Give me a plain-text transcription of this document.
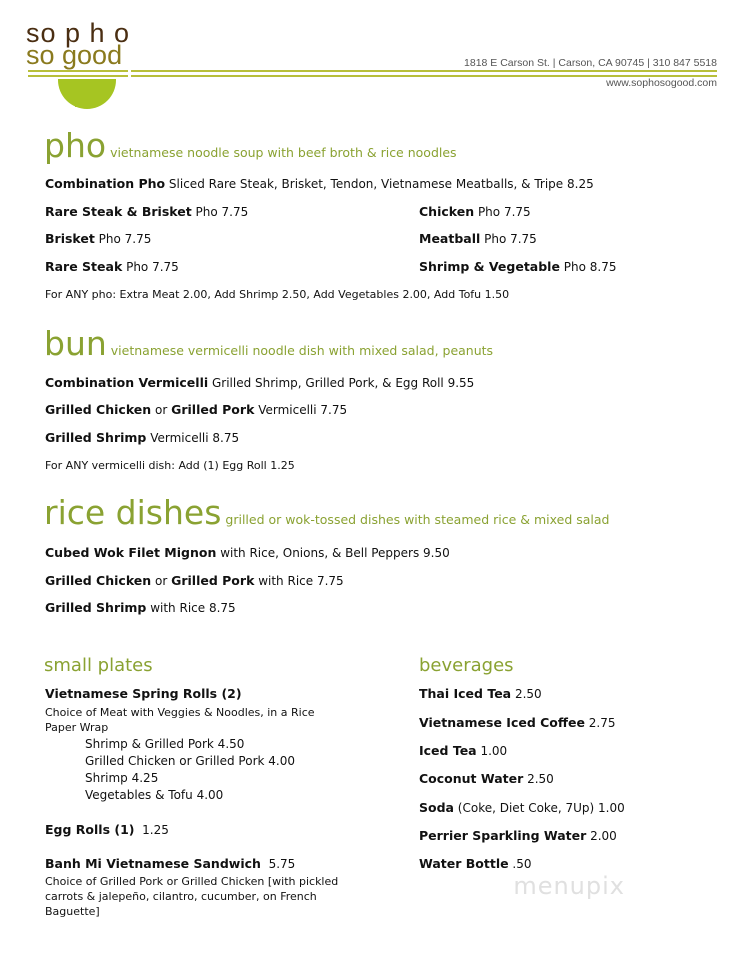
so p h o
so good	1818 E Carson St. | Carson, CA 90745 | 310 847 5518
www.sophosogood.com
pho vietnamese noodle soup with beef broth & rice noodles
Combination Pho Sliced Rare Steak, Brisket, Tendon, Vietnamese Meatballs, & Tripe 8.25
Rare Steak & Brisket Pho 7.75
Brisket Pho 7.75
Rare Steak Pho 7.75
Chicken Pho 7.75
Meatball Pho 7.75
Shrimp & Vegetable Pho 8.75
For ANY pho: Extra Meat 2.00, Add Shrimp 2.50, Add Vegetables 2.00, Add Tofu 1.50
bun vietnamese vermicelli noodle dish with mixed salad, peanuts
Combination Vermicelli Grilled Shrimp, Grilled Pork, & Egg Roll 9.55
Grilled Chicken or Grilled Pork Vermicelli 7.75
Grilled Shrimp Vermicelli 8.75
For ANY vermicelli dish: Add (1) Egg Roll 1.25
rice dishes grilled or wok-tossed dishes with steamed rice & mixed salad
Cubed Wok Filet Mignon with Rice, Onions, & Bell Peppers 9.50
Grilled Chicken or Grilled Pork with Rice 7.75
Grilled Shrimp with Rice 8.75
small plates
Vietnamese Spring Rolls (2)
Choice of Meat with Veggies & Noodles, in a Rice Paper Wrap
Shrimp & Grilled Pork 4.50
Grilled Chicken or Grilled Pork 4.00
Shrimp 4.25
Vegetables & Tofu 4.00
Egg Rolls (1) 1.25
Banh Mi Vietnamese Sandwich 5.75
Choice of Grilled Pork or Grilled Chicken [with pickled carrots & jalepeño, cilantro, cucumber, on French Baguette]
beverages
Thai Iced Tea 2.50
Vietnamese Iced Coffee 2.75
Iced Tea 1.00
Coconut Water 2.50
Soda (Coke, Diet Coke, 7Up) 1.00
Perrier Sparkling Water 2.00
Water Bottle .50
menupix
